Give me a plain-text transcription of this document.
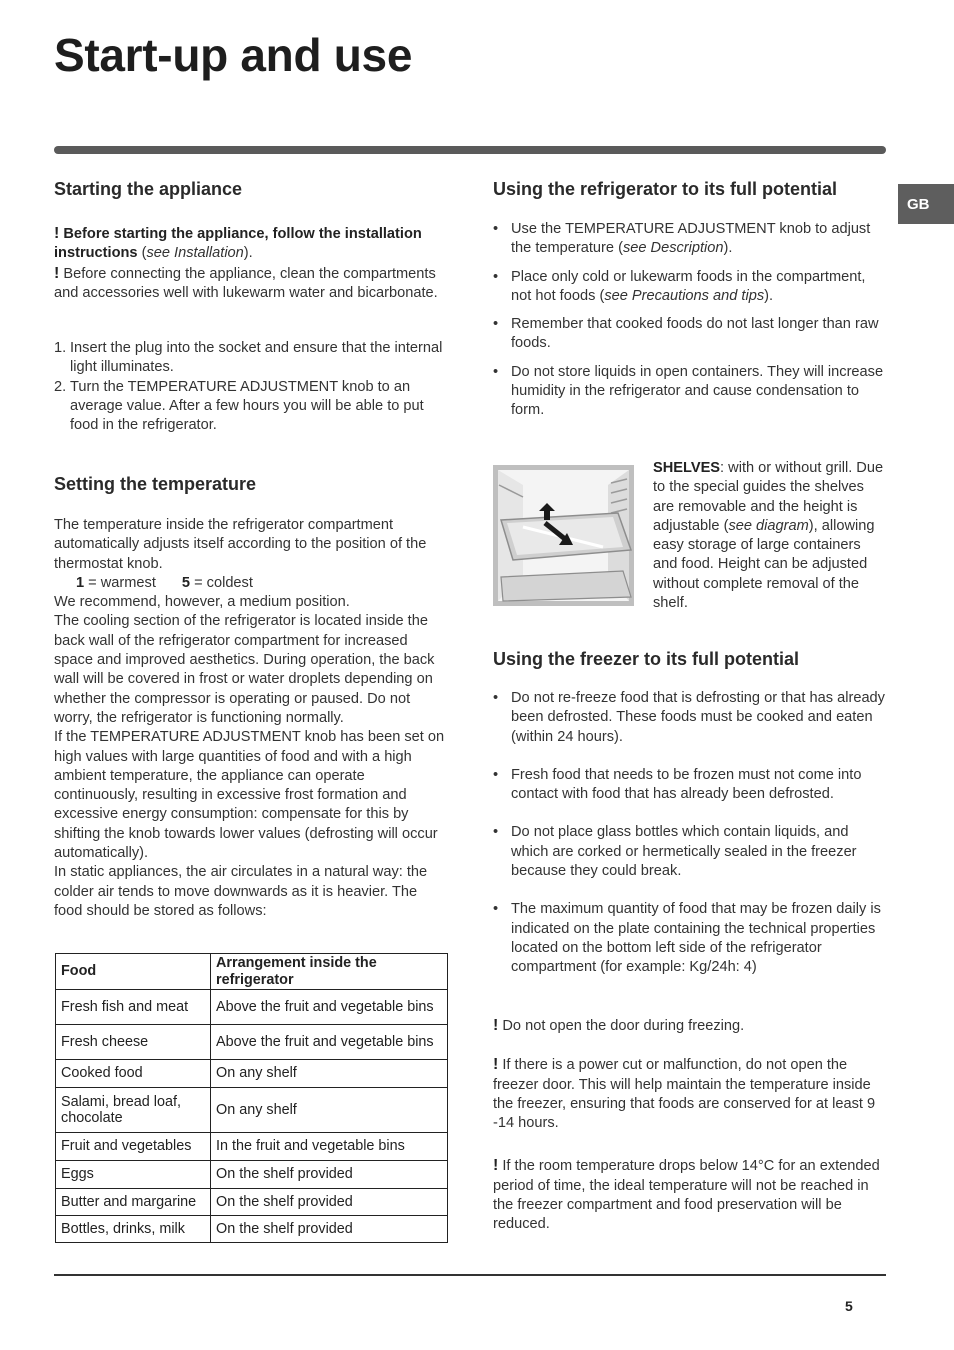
Start-up and use
GB
Starting the appliance

! Before starting the appliance, follow the installation instructions (see Installation).

! Before connecting the appliance, clean the compartments and accessories well with lukewarm water and bicarbonate.

1. Insert the plug into the socket and ensure that the internal light illuminates.
2. Turn the TEMPERATURE ADJUSTMENT knob to an average value. After a few hours you will be able to put food in the refrigerator.
Setting the temperature

The temperature inside the refrigerator compartment automatically adjusts itself according to the position of the thermostat knob.

1 = warmest 5 = coldest

We recommend, however, a medium position.

The cooling section of the refrigerator is located inside the back wall of the refrigerator compartment for increased space and improved aesthetics. During operation, the back wall will be covered in frost or water droplets depending on whether the compressor is operating or paused. Do not worry, the refrigerator is functioning normally.

If the TEMPERATURE ADJUSTMENT knob has been set on high values with large quantities of food and with a high ambient temperature, the appliance can operate continuously, resulting in excessive frost formation and excessive energy consumption: compensate for this by shifting the knob towards lower values (defrosting will occur automatically).

In static appliances, the air circulates in a natural way: the colder air tends to move downwards as it is heavier. The food should be stored as follows:

Food	Arrangement inside the refrigerator
Fresh fish and meat	Above the fruit and vegetable bins
Fresh cheese	Above the fruit and vegetable bins
Cooked food	On any shelf
Salami, bread loaf, chocolate	On any shelf
Fruit and vegetables	In the fruit and vegetable bins
Eggs	On the shelf provided
Butter and margarine	On the shelf provided
Bottles, drinks, milk	On the shelf provided
Using the refrigerator to its full potential
• Use the TEMPERATURE ADJUSTMENT knob to adjust the temperature (see Description).
• Place only cold or lukewarm foods in the compartment, not hot foods (see Precautions and tips).
• Remember that cooked foods do not last longer than raw foods.
• Do not store liquids in open containers. They will increase humidity in the refrigerator and cause condensation to form.

SHELVES: with or without grill. Due to the special guides the shelves are removable and the height is adjustable (see diagram), allowing easy storage of large containers and food. Height can be adjusted without complete removal of the shelf.

Using the freezer to its full potential
• Do not re-freeze food that is defrosting or that has already been defrosted. These foods must be cooked and eaten (within 24 hours).
• Fresh food that needs to be frozen must not come into contact with food that has already been defrosted.
• Do not place glass bottles which contain liquids, and which are corked or hermetically sealed in the freezer because they could break.
• The maximum quantity of food that may be frozen daily is indicated on the plate containing the technical properties located on the bottom left side of the refrigerator compartment (for example: Kg/24h: 4)

! Do not open the door during freezing.

! If there is a power cut or malfunction, do not open the freezer door. This will help maintain the temperature inside the freezer, ensuring that foods are conserved for at least 9 -14 hours.

! If the room temperature drops below 14°C for an extended period of time, the ideal temperature will not be reached in the freezer compartment and food preservation will be reduced.

5
